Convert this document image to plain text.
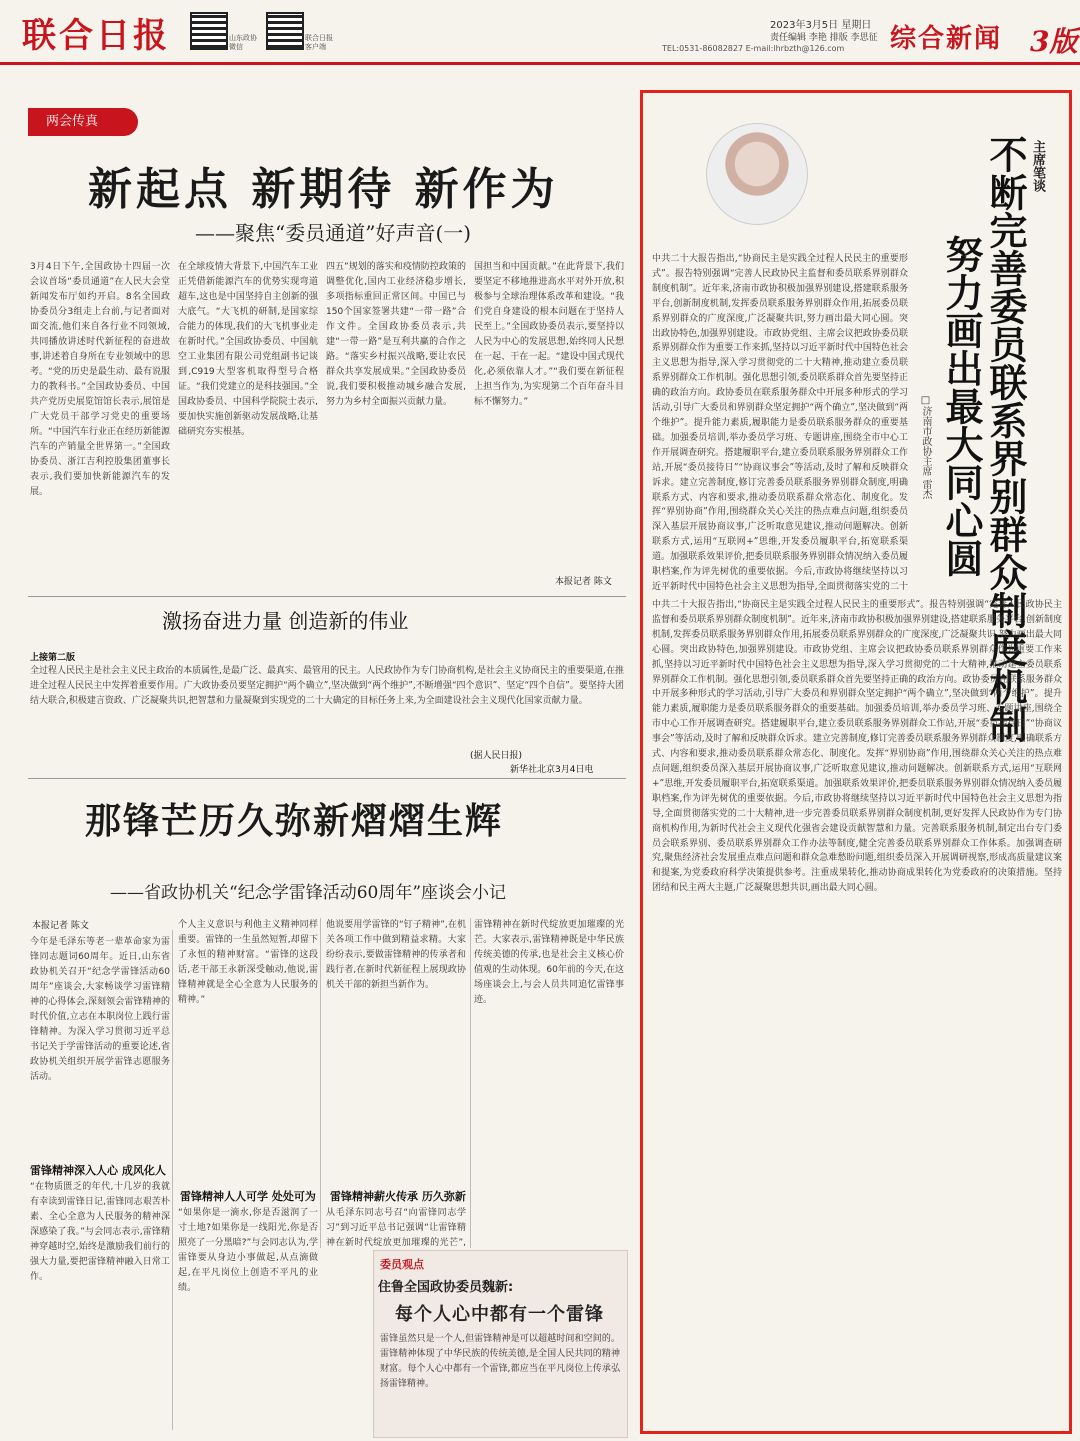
联合日报	山东政协微信
联合日报客户端
2023年3月5日 星期日
责任编辑 李艳 排版 李思征
TEL:0531-86082827 E-mail:lhrbzth@126.com 综合新闻 3版
两会传真
新起点 新期待 新作为
——聚焦“委员通道”好声音(一)
3月4日下午,全国政协十四届一次会议首场“委员通道”在人民大会堂新闻发布厅如约开启。8名全国政协委员分3组走上台前,与记者面对面交流,他们来自各行业不同领域,共同播放讲述时代新征程的奋进故事,讲述着自身所在专业领域中的思考。“党的历史是最生动、最有说服力的教科书。”全国政协委员、中国共产党历史展览馆馆长表示,展馆是广大党员干部学习党史的重要场所。“中国汽车行业正在经历新能源汽车的产销量全世界第一。”全国政协委员、浙江吉利控股集团董事长表示,我们要加快新能源汽车的发展。
在全球疫情大背景下,中国汽车工业正凭借新能源汽车的优势实现弯道超车,这也是中国坚持自主创新的强大底气。“大飞机的研制,是国家综合能力的体现,我们的大飞机事业走在新时代。”全国政协委员、中国航空工业集团有限公司党组副书记谈到,C919大型客机取得型号合格证。“我们党建立的是科技强国。”全国政协委员、中国科学院院士表示,要加快实施创新驱动发展战略,让基础研究夯实根基。
四五”规划的落实和疫情防控政策的调整优化,国内工业经济稳步增长,多项指标重回正常区间。中国已与150个国家签署共建“一带一路”合作文件。全国政协委员表示,共建“一带一路”是互利共赢的合作之路。“落实乡村振兴战略,要让农民群众共享发展成果。”全国政协委员说,我们要积极推动城乡融合发展,努力为乡村全面振兴贡献力量。
国担当和中国贡献。”在此背景下,我们要坚定不移地推进高水平对外开放,积极参与全球治理体系改革和建设。“我们党自身建设的根本问题在于坚持人民至上。”全国政协委员表示,要坚持以人民为中心的发展思想,始终同人民想在一起、干在一起。“建设中国式现代化,必须依靠人才。”“我们要在新征程上担当作为,为实现第二个百年奋斗目标不懈努力。”
本报记者 陈文
激扬奋进力量 创造新的伟业
上接第二版
全过程人民民主是社会主义民主政治的本质属性,是最广泛、最真实、最管用的民主。人民政协作为专门协商机构,是社会主义协商民主的重要渠道,在推进全过程人民民主中发挥着重要作用。广大政协委员要坚定拥护“两个确立”,坚决做到“两个维护”,不断增强“四个意识”、坚定“四个自信”。要坚持大团结大联合,积极建言资政、广泛凝聚共识,把智慧和力量凝聚到实现党的二十大确定的目标任务上来,为全面建设社会主义现代化国家贡献力量。
(据人民日报)
新华社北京3月4日电
那锋芒历久弥新熠熠生辉
——省政协机关“纪念学雷锋活动60周年”座谈会小记
本报记者 陈文
今年是毛泽东等老一辈革命家为雷锋同志题词60周年。近日,山东省政协机关召开“纪念学雷锋活动60周年”座谈会,大家畅谈学习雷锋精神的心得体会,深刻领会雷锋精神的时代价值,立志在本职岗位上践行雷锋精神。为深入学习贯彻习近平总书记关于学雷锋活动的重要论述,省政协机关组织开展学雷锋志愿服务活动。
雷锋精神深入人心 成风化人
“在物质匮乏的年代,十几岁的我就有幸读到雷锋日记,雷锋同志艰苦朴素、全心全意为人民服务的精神深深感染了我。”与会同志表示,雷锋精神穿越时空,始终是激励我们前行的强大力量,要把雷锋精神融入日常工作。
个人主义意识与利他主义精神同样重要。雷锋的一生虽然短暂,却留下了永恒的精神财富。“雷锋的这段话,老干部王永新深受触动,他说,雷锋精神就是全心全意为人民服务的精神。”
雷锋精神人人可学 处处可为
“如果你是一滴水,你是否滋润了一寸土地?如果你是一线阳光,你是否照亮了一分黑暗?”与会同志认为,学雷锋要从身边小事做起,从点滴做起,在平凡岗位上创造不平凡的业绩。
他说要用学雷锋的“钉子精神”,在机关各项工作中做到精益求精。大家纷纷表示,要做雷锋精神的传承者和践行者,在新时代新征程上展现政协机关干部的新担当新作为。
雷锋精神薪火传承 历久弥新
从毛泽东同志号召“向雷锋同志学习”到习近平总书记强调“让雷锋精神在新时代绽放更加璀璨的光芒”,
雷锋精神在新时代绽放更加璀璨的光芒。大家表示,雷锋精神既是中华民族传统美德的传承,也是社会主义核心价值观的生动体现。60年前的今天,在这场座谈会上,与会人员共同追忆雷锋事迹。
委员观点
住鲁全国政协委员魏新:
每个人心中都有一个雷锋
雷锋虽然只是一个人,但雷锋精神是可以超越时间和空间的。雷锋精神体现了中华民族的传统美德,是全国人民共同的精神财富。每个人心中都有一个雷锋,都应当在平凡岗位上传承弘扬雷锋精神。
主席笔谈
不断完善委员联系界别群众制度机制
努力画出最大同心圆
□济南市政协主席 雷杰
中共二十大报告指出,“协商民主是实践全过程人民民主的重要形式”。报告特别强调“完善人民政协民主监督和委员联系界别群众制度机制”。近年来,济南市政协积极加强界别建设,搭建联系服务平台,创新制度机制,发挥委员联系服务界别群众作用,拓展委员联系界别群众的广度深度,广泛凝聚共识,努力画出最大同心圆。突出政协特色,加强界别建设。市政协党组、主席会议把政协委员联系界别群众作为重要工作来抓,坚持以习近平新时代中国特色社会主义思想为指导,深入学习贯彻党的二十大精神,推动建立委员联系界别群众工作机制。强化思想引领,委员联系群众首先要坚持正确的政治方向。政协委员在联系服务群众中开展多种形式的学习活动,引导广大委员和界别群众坚定拥护“两个确立”,坚决做到“两个维护”。提升能力素质,履职能力是委员联系服务群众的重要基础。加强委员培训,举办委员学习班、专题讲座,围绕全市中心工作开展调查研究。搭建履职平台,建立委员联系服务界别群众工作站,开展“委员接待日”“协商议事会”等活动,及时了解和反映群众诉求。建立完善制度,修订完善委员联系服务界别群众制度,明确联系方式、内容和要求,推动委员联系群众常态化、制度化。发挥“界别协商”作用,围绕群众关心关注的热点难点问题,组织委员深入基层开展协商议事,广泛听取意见建议,推动问题解决。创新联系方式,运用“互联网+”思维,开发委员履职平台,拓宽联系渠道。加强联系效果评价,把委员联系服务界别群众情况纳入委员履职档案,作为评先树优的重要依据。今后,市政协将继续坚持以习近平新时代中国特色社会主义思想为指导,全面贯彻落实党的二十
中共二十大报告指出,“协商民主是实践全过程人民民主的重要形式”。报告特别强调“完善人民政协民主监督和委员联系界别群众制度机制”。近年来,济南市政协积极加强界别建设,搭建联系服务平台,创新制度机制,发挥委员联系服务界别群众作用,拓展委员联系界别群众的广度深度,广泛凝聚共识,努力画出最大同心圆。突出政协特色,加强界别建设。市政协党组、主席会议把政协委员联系界别群众作为重要工作来抓,坚持以习近平新时代中国特色社会主义思想为指导,深入学习贯彻党的二十大精神,推动建立委员联系界别群众工作机制。强化思想引领,委员联系群众首先要坚持正确的政治方向。政协委员在联系服务群众中开展多种形式的学习活动,引导广大委员和界别群众坚定拥护“两个确立”,坚决做到“两个维护”。提升能力素质,履职能力是委员联系服务群众的重要基础。加强委员培训,举办委员学习班、专题讲座,围绕全市中心工作开展调查研究。搭建履职平台,建立委员联系服务界别群众工作站,开展“委员接待日”“协商议事会”等活动,及时了解和反映群众诉求。建立完善制度,修订完善委员联系服务界别群众制度,明确联系方式、内容和要求,推动委员联系群众常态化、制度化。发挥“界别协商”作用,围绕群众关心关注的热点难点问题,组织委员深入基层开展协商议事,广泛听取意见建议,推动问题解决。创新联系方式,运用“互联网+”思维,开发委员履职平台,拓宽联系渠道。加强联系效果评价,把委员联系服务界别群众情况纳入委员履职档案,作为评先树优的重要依据。今后,市政协将继续坚持以习近平新时代中国特色社会主义思想为指导,全面贯彻落实党的二十大精神,进一步完善委员联系界别群众制度机制,更好发挥人民政协作为专门协商机构作用,为新时代社会主义现代化强省会建设贡献智慧和力量。完善联系服务机制,制定出台专门委员会联系界别、委员联系界别群众工作办法等制度,健全完善委员联系界别群众工作体系。加强调查研究,聚焦经济社会发展重点难点问题和群众急难愁盼问题,组织委员深入开展调研视察,形成高质量建议案和提案,为党委政府科学决策提供参考。注重成果转化,推动协商成果转化为党委政府的决策措施。坚持团结和民主两大主题,广泛凝聚思想共识,画出最大同心圆。
